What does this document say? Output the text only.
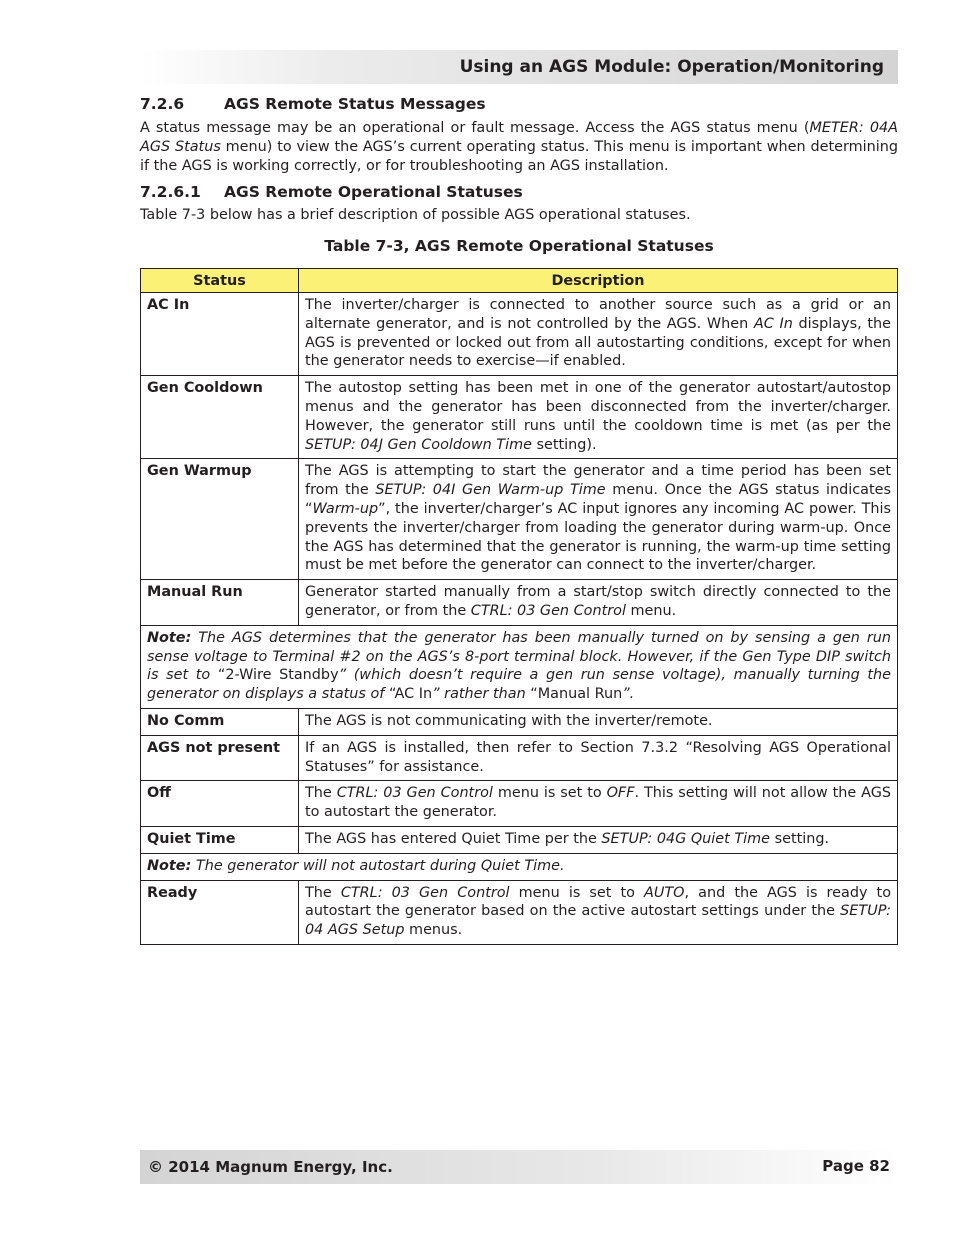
Using an AGS Module: Operation/Monitoring
7.2.6	AGS Remote Status Messages
A status message may be an operational or fault message. Access the AGS status menu (METER: 04A AGS Status menu) to view the AGS’s current operating status. This menu is important when determining if the AGS is working correctly, or for troubleshooting an AGS installation.
7.2.6.1 AGS Remote Operational Statuses
Table 7-3 below has a brief description of possible AGS operational statuses.
Table 7-3, AGS Remote Operational Statuses
Status	Description
AC In	The inverter/charger is connected to another source such as a grid or an alternate generator, and is not controlled by the AGS. When AC In displays, the AGS is prevented or locked out from all autostarting conditions, except for when the generator needs to exercise—if enabled.
Gen Cooldown	The autostop setting has been met in one of the generator autostart/autostop menus and the generator has been disconnected from the inverter/charger. However, the generator still runs until the cooldown time is met (as per the SETUP: 04J Gen Cooldown Time setting).
Gen Warmup	The AGS is attempting to start the generator and a time period has been set from the SETUP: 04I Gen Warm-up Time menu. Once the AGS status indicates “Warm-up”, the inverter/charger’s AC input ignores any incoming AC power. This prevents the inverter/charger from loading the generator during warm-up. Once the AGS has determined that the generator is running, the warm-up time setting must be met before the generator can connect to the inverter/charger.
Manual Run	Generator started manually from a start/stop switch directly connected to the generator, or from the CTRL: 03 Gen Control menu.
Note: The AGS determines that the generator has been manually turned on by sensing a gen run sense voltage to Terminal #2 on the AGS’s 8-port terminal block. However, if the Gen Type DIP switch is set to “2-Wire Standby” (which doesn’t require a gen run sense voltage), manually turning the generator on displays a status of “AC In” rather than “Manual Run”.	
No Comm	The AGS is not communicating with the inverter/remote.
AGS not present	If an AGS is installed, then refer to Section 7.3.2 “Resolving AGS Operational Statuses” for assistance.
Off	The CTRL: 03 Gen Control menu is set to OFF. This setting will not allow the AGS to autostart the generator.
Quiet Time	The AGS has entered Quiet Time per the SETUP: 04G Quiet Time setting.
Note: The generator will not autostart during Quiet Time.	
Ready	The CTRL: 03 Gen Control menu is set to AUTO, and the AGS is ready to autostart the generator based on the active autostart settings under the SETUP: 04 AGS Setup menus.
© 2014 Magnum Energy, Inc.	Page 82
